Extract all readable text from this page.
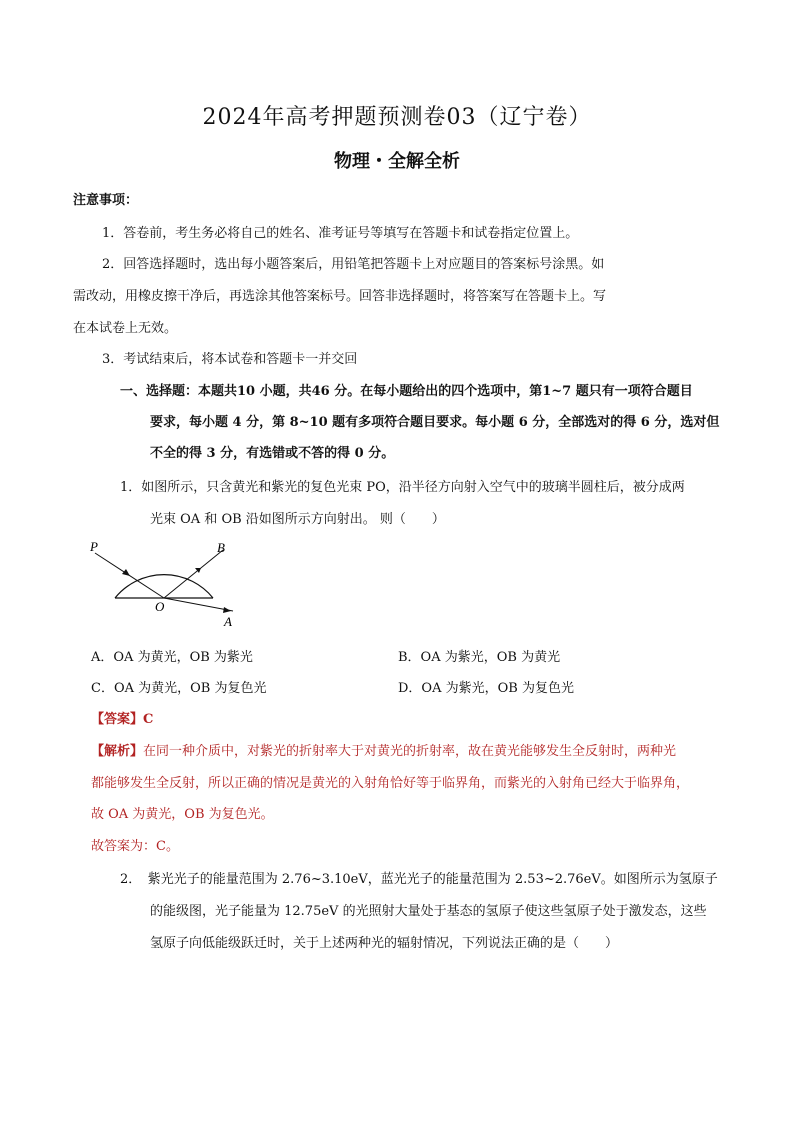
2024年高考押题预测卷03（辽宁卷）
物理・全解全析
注意事项：
1．答卷前，考生务必将自己的姓名、准考证号等填写在答题卡和试卷指定位置上。
2．回答选择题时，选出每小题答案后，用铅笔把答题卡上对应题目的答案标号涂黑。如
需改动，用橡皮擦干净后，再选涂其他答案标号。回答非选择题时，将答案写在答题卡上。写
在本试卷上无效。
3．考试结束后，将本试卷和答题卡一并交回
一、选择题：本题共10 小题，共46 分。在每小题给出的四个选项中，第1~7 题只有一项符合题目
要求，每小题 4 分，第 8~10 题有多项符合题目要求。每小题 6 分，全部选对的得 6 分，选对但
不全的得 3 分，有选错或不答的得 0 分。
1．如图所示，只含黄光和紫光的复色光束 PO，沿半径方向射入空气中的玻璃半圆柱后，被分成两
光束 OA 和 OB 沿如图所示方向射出。 则（　　）
P	B
O
A
A．OA 为黄光，OB 为紫光	B．OA 为紫光，OB 为黄光
C．OA 为黄光，OB 为复色光	D．OA 为紫光，OB 为复色光
【答案】C
【解析】在同一种介质中，对紫光的折射率大于对黄光的折射率，故在黄光能够发生全反射时，两种光
都能够发生全反射，所以正确的情况是黄光的入射角恰好等于临界角，而紫光的入射角已经大于临界角，
故 OA 为黄光，OB 为复色光。
故答案为：C。
2．　紫光光子的能量范围为 2.76~3.10eV，蓝光光子的能量范围为 2.53~2.76eV。如图所示为氢原子
的能级图，光子能量为 12.75eV 的光照射大量处于基态的氢原子使这些氢原子处于激发态，这些
氢原子向低能级跃迁时，关于上述两种光的辐射情况，下列说法正确的是（　　）
